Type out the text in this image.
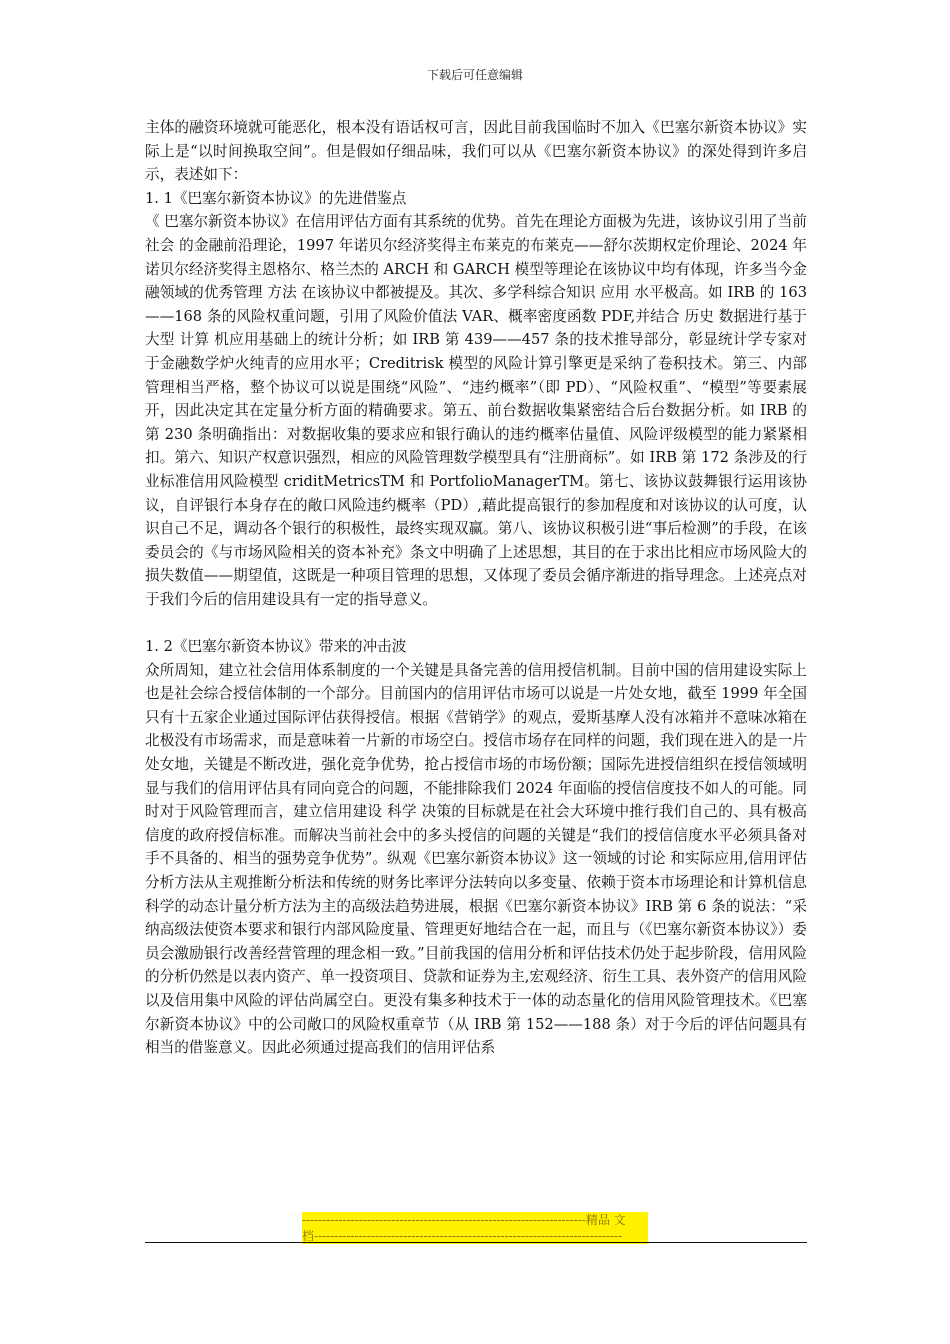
下载后可任意编辑

主体的融资环境就可能恶化，根本没有语话权可言，因此目前我国临时不加入《巴塞尔新资本协议》实际上是“以时间换取空间”。但是假如仔细品味，我们可以从《巴塞尔新资本协议》的深处得到许多启示，表述如下：

1. 1《巴塞尔新资本协议》的先进借鉴点

《 巴塞尔新资本协议》在信用评估方面有其系统的优势。首先在理论方面极为先进，该协议引用了当前 社会 的金融前沿理论，1997 年诺贝尔经济奖得主布莱克的布莱克——舒尔茨期权定价理论、2024 年诺贝尔经济奖得主恩格尔、格兰杰的 ARCH 和 GARCH 模型等理论在该协议中均有体现，许多当今金融领域的优秀管理 方法 在该协议中都被提及。其次、多学科综合知识 应用 水平极高。如 IRB 的 163——168 条的风险权重问题，引用了风险价值法 VAR、概率密度函数 PDF,并结合 历史 数据进行基于大型 计算 机应用基础上的统计分析；如 IRB 第 439——457 条的技术推导部分，彰显统计学专家对于金融数学炉火纯青的应用水平；Creditrisk 模型的风险计算引擎更是采纳了卷积技术。第三、内部管理相当严格，整个协议可以说是围绕“风险”、“违约概率”（即 PD）、“风险权重”、“模型”等要素展开，因此决定其在定量分析方面的精确要求。第五、前台数据收集紧密结合后台数据分析。如 IRB 的第 230 条明确指出：对数据收集的要求应和银行确认的违约概率估量值、风险评级模型的能力紧紧相扣。第六、知识产权意识强烈，相应的风险管理数学模型具有“注册商标”。如 IRB 第 172 条涉及的行业标准信用风险模型 criditMetricsTM 和 PortfolioManagerTM。第七、该协议鼓舞银行运用该协议，自评银行本身存在的敞口风险违约概率（PD）,藉此提高银行的参加程度和对该协议的认可度，认识自己不足，调动各个银行的积极性，最终实现双赢。第八、该协议积极引进“事后检测”的手段，在该委员会的《与市场风险相关的资本补充》条文中明确了上述思想，其目的在于求出比相应市场风险大的损失数值——期望值，这既是一种项目管理的思想，又体现了委员会循序渐进的指导理念。上述亮点对于我们今后的信用建设具有一定的指导意义。

1. 2《巴塞尔新资本协议》带来的冲击波

众所周知，建立社会信用体系制度的一个关键是具备完善的信用授信机制。目前中国的信用建设实际上也是社会综合授信体制的一个部分。目前国内的信用评估市场可以说是一片处女地，截至 1999 年全国只有十五家企业通过国际评估获得授信。根据《营销学》的观点，爱斯基摩人没有冰箱并不意味冰箱在北极没有市场需求，而是意味着一片新的市场空白。授信市场存在同样的问题，我们现在进入的是一片处女地，关键是不断改进，强化竞争优势，抢占授信市场的市场份额；国际先进授信组织在授信领域明显与我们的信用评估具有同向竞合的问题，不能排除我们 2024 年面临的授信信度技不如人的可能。同时对于风险管理而言，建立信用建设 科学 决策的目标就是在社会大环境中推行我们自己的、具有极高信度的政府授信标准。而解决当前社会中的多头授信的问题的关键是“我们的授信信度水平必须具备对手不具备的、相当的强势竞争优势”。纵观《巴塞尔新资本协议》这一领域的讨论 和实际应用,信用评估分析方法从主观推断分析法和传统的财务比率评分法转向以多变量、依赖于资本市场理论和计算机信息科学的动态计量分析方法为主的高级法趋势进展，根据《巴塞尔新资本协议》IRB 第 6 条的说法：“采纳高级法使资本要求和银行内部风险度量、管理更好地结合在一起，而且与（《巴塞尔新资本协议》）委员会激励银行改善经营管理的理念相一致。”目前我国的信用分析和评估技术仍处于起步阶段，信用风险的分析仍然是以表内资产、单一投资项目、贷款和证券为主,宏观经济、衍生工具、表外资产的信用风险以及信用集中风险的评估尚属空白。更没有集多种技术于一体的动态量化的信用风险管理技术。《巴塞尔新资本协议》中的公司敞口的风险权重章节（从 IRB 第 152——188 条）对于今后的评估问题具有相当的借鉴意义。因此必须通过提高我们的信用评估系

----------------------------------------------------------------------精品 文
档----------------------------------------------------------------------------
